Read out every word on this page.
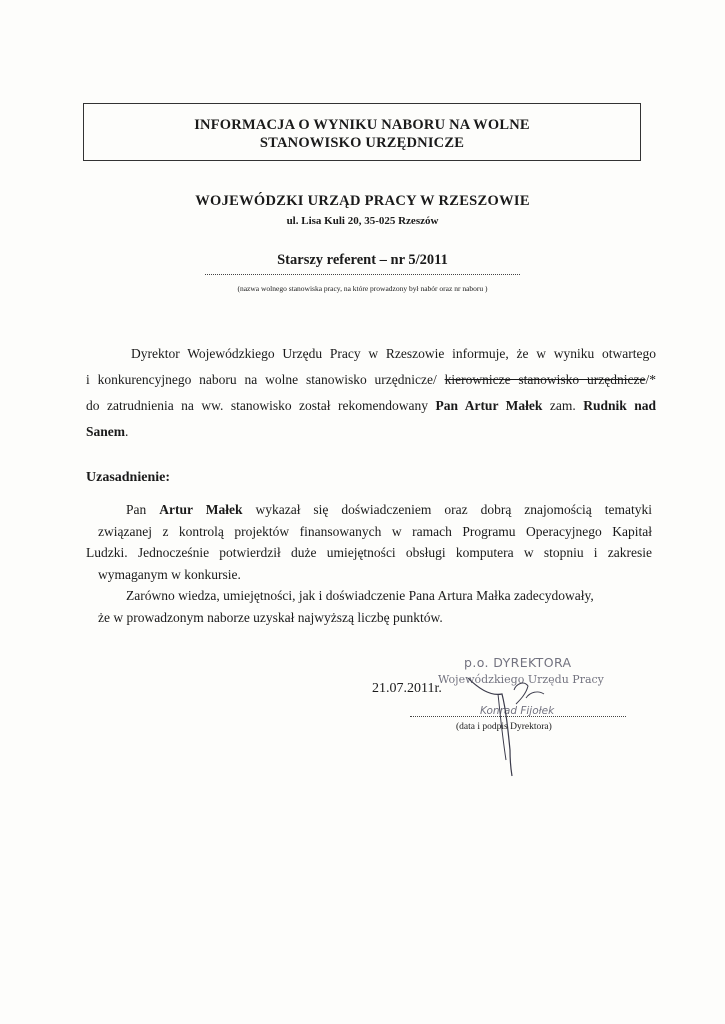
INFORMACJA O WYNIKU NABORU NA WOLNE
STANOWISKO URZĘDNICZE
WOJEWÓDZKI URZĄD PRACY W RZESZOWIE
ul. Lisa Kuli 20, 35-025 Rzeszów
Starszy referent – nr 5/2011
(nazwa wolnego stanowiska pracy, na które prowadzony był nabór oraz nr naboru )
Dyrektor Wojewódzkiego Urzędu Pracy w Rzeszowie informuje, że w wyniku otwartego
i konkurencyjnego naboru na wolne stanowisko urzędnicze/ kierownicze stanowisko urzędnicze/*
do zatrudnienia na ww. stanowisko został rekomendowany Pan Artur Małek zam. Rudnik nad
Sanem.
Uzasadnienie:
Pan Artur Małek wykazał się doświadczeniem oraz dobrą znajomością tematyki
związanej z kontrolą projektów finansowanych w ramach Programu Operacyjnego Kapitał
Ludzki. Jednocześnie potwierdził duże umiejętności obsługi komputera w stopniu i zakresie
wymaganym w konkursie.
Zarówno wiedza, umiejętności, jak i doświadczenie Pana Artura Małka zadecydowały,
że w prowadzonym naborze uzyskał najwyższą liczbę punktów.
p.o. DYREKTORA
Wojewódzkiego Urzędu Pracy
Konrad Fijołek
21.07.2011r.
(data i podpis Dyrektora)
